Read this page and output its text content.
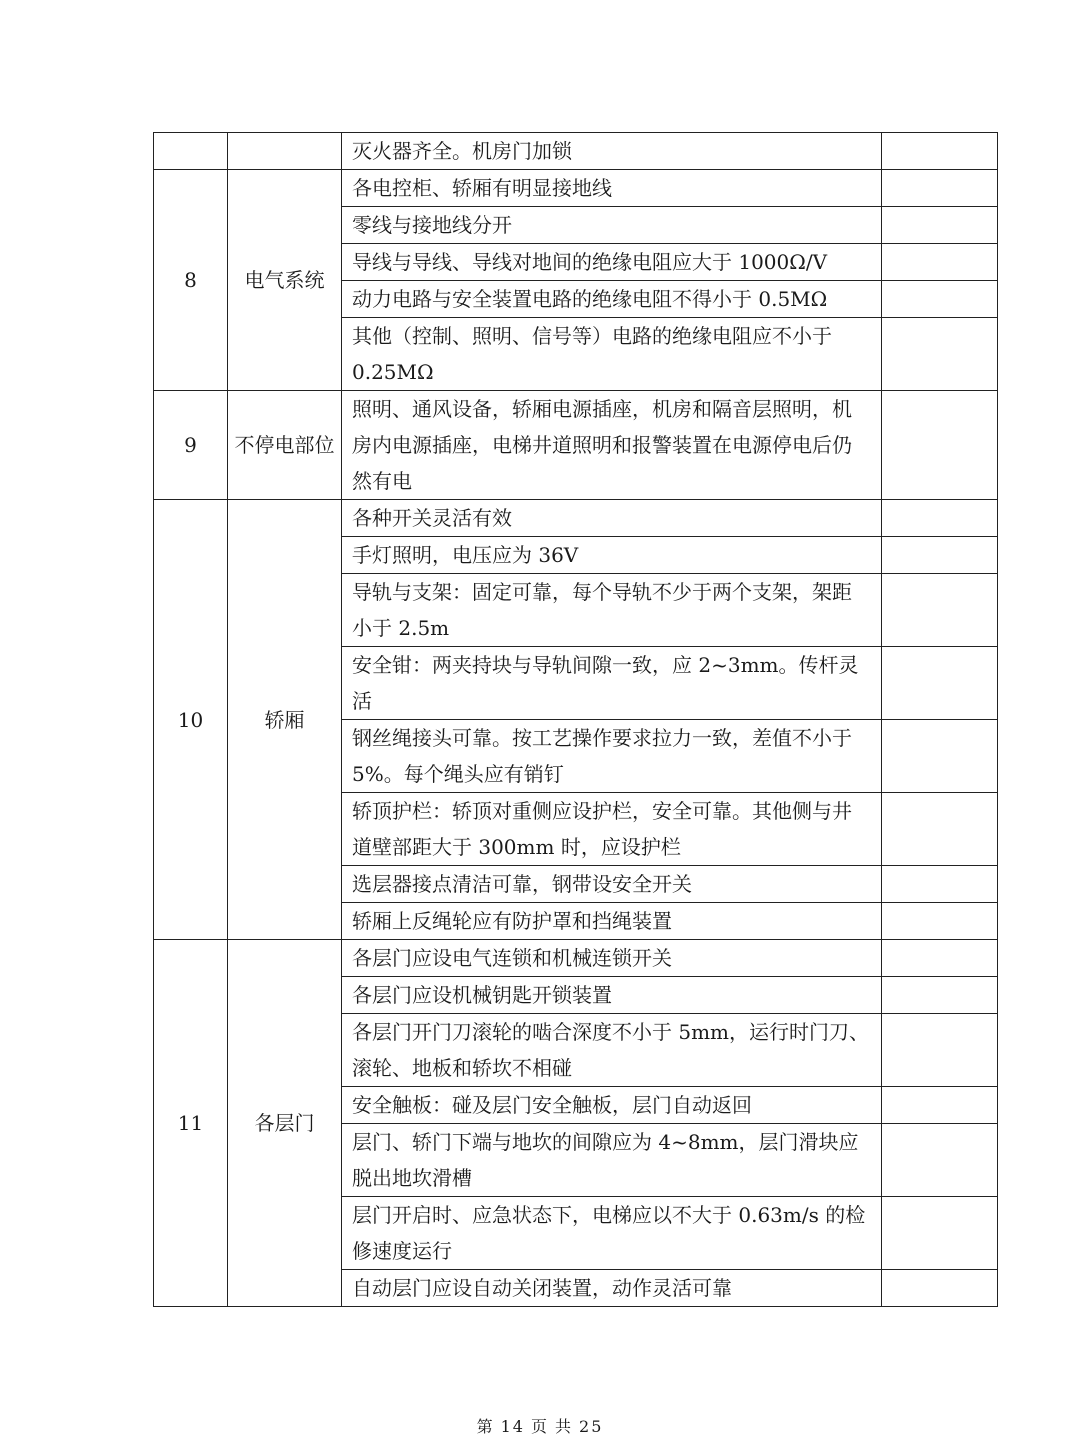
		灭火器齐全。机房门加锁	
8	电气系统	各电控柜、轿厢有明显接地线	
		零线与接地线分开	
		导线与导线、导线对地间的绝缘电阻应大于 1000Ω/V	
		动力电路与安全装置电路的绝缘电阻不得小于 0.5MΩ	
		其他（控制、照明、信号等）电路的绝缘电阻应不小于 0.25MΩ	
9	不停电部位	照明、通风设备，轿厢电源插座，机房和隔音层照明，机房内电源插座，电梯井道照明和报警装置在电源停电后仍然有电	
10	轿厢	各种开关灵活有效	
		手灯照明，电压应为 36V	
		导轨与支架：固定可靠，每个导轨不少于两个支架，架距小于 2.5m	
		安全钳：两夹持块与导轨间隙一致，应 2~3mm。传杆灵活	
		钢丝绳接头可靠。按工艺操作要求拉力一致，差值不小于 5%。每个绳头应有销钉	
		轿顶护栏：轿顶对重侧应设护栏，安全可靠。其他侧与井道壁部距大于 300mm 时，应设护栏	
		选层器接点清洁可靠，钢带设安全开关	
		轿厢上反绳轮应有防护罩和挡绳装置	
11	各层门	各层门应设电气连锁和机械连锁开关	
		各层门应设机械钥匙开锁装置	
		各层门开门刀滚轮的啮合深度不小于 5mm，运行时门刀、滚轮、地板和轿坎不相碰	
		安全触板：碰及层门安全触板，层门自动返回	
		层门、轿门下端与地坎的间隙应为 4~8mm，层门滑块应脱出地坎滑槽	
		层门开启时、应急状态下，电梯应以不大于 0.63m/s 的检修速度运行	
		自动层门应设自动关闭装置，动作灵活可靠	
第 14 页 共 25
